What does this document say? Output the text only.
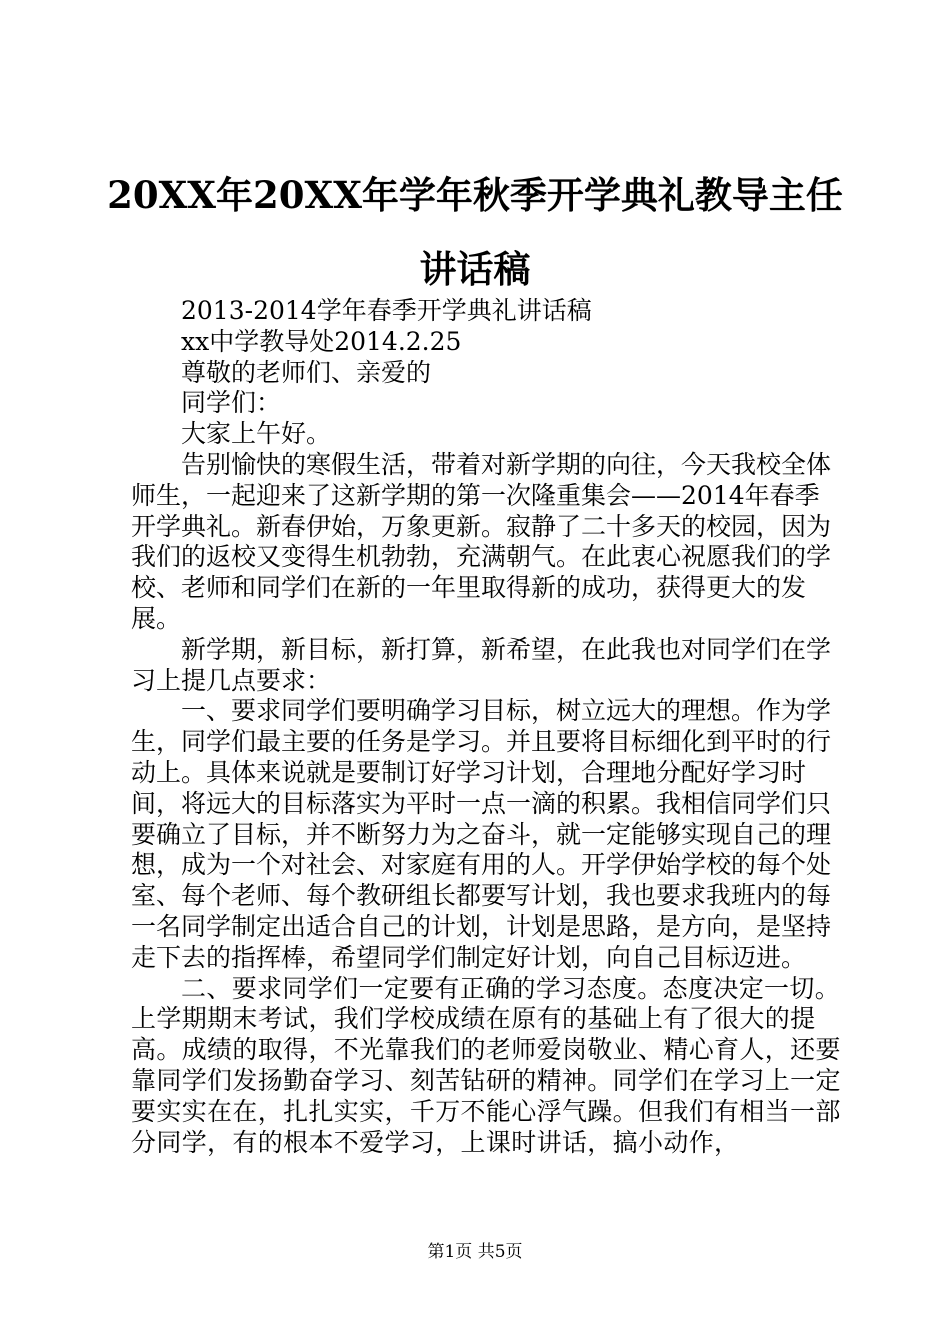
20XX年20XX年学年秋季开学典礼教导主任讲话稿

2013-2014学年春季开学典礼讲话稿

xx中学教导处2014.2.25

尊敬的老师们、亲爱的

同学们：

大家上午好。

告别愉快的寒假生活，带着对新学期的向往，今天我校全体师生，一起迎来了这新学期的第一次隆重集会——2014年春季开学典礼。新春伊始，万象更新。寂静了二十多天的校园，因为我们的返校又变得生机勃勃，充满朝气。在此衷心祝愿我们的学校、老师和同学们在新的一年里取得新的成功，获得更大的发展。

新学期，新目标，新打算，新希望，在此我也对同学们在学习上提几点要求：

一、要求同学们要明确学习目标，树立远大的理想。作为学生，同学们最主要的任务是学习。并且要将目标细化到平时的行动上。具体来说就是要制订好学习计划，合理地分配好学习时间，将远大的目标落实为平时一点一滴的积累。我相信同学们只要确立了目标，并不断努力为之奋斗，就一定能够实现自己的理想，成为一个对社会、对家庭有用的人。开学伊始学校的每个处室、每个老师、每个教研组长都要写计划，我也要求我班内的每一名同学制定出适合自己的计划，计划是思路，是方向，是坚持走下去的指挥棒，希望同学们制定好计划，向自己目标迈进。

二、要求同学们一定要有正确的学习态度。态度决定一切。上学期期末考试，我们学校成绩在原有的基础上有了很大的提高。成绩的取得，不光靠我们的老师爱岗敬业、精心育人，还要靠同学们发扬勤奋学习、刻苦钻研的精神。同学们在学习上一定要实实在在，扎扎实实，千万不能心浮气躁。但我们有相当一部分同学，有的根本不爱学习，上课时讲话，搞小动作，

第1页 共5页
